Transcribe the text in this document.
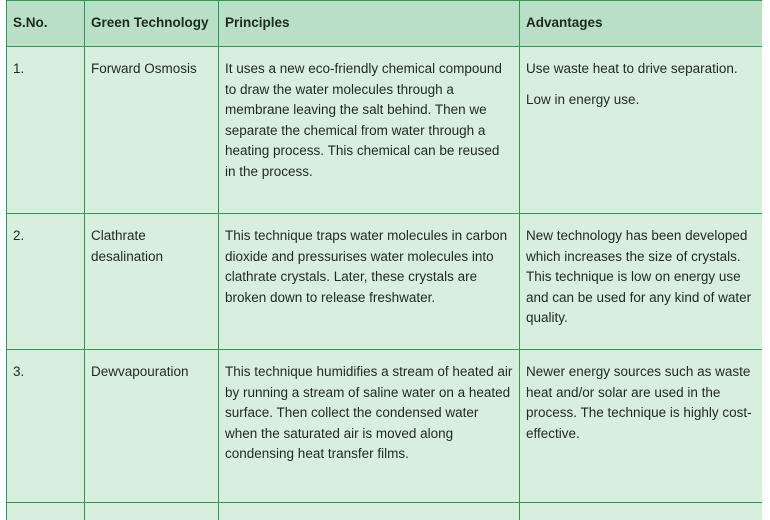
S.No.	Green Technology	Principles	Advantages
1.	Forward Osmosis	It uses a new eco-friendly chemical compound to draw the water molecules through a membrane leaving the salt behind. Then we separate the chemical from water through a heating process. This chemical can be reused in the process.	Use waste heat to drive separation.
Low in energy use.

2.	Clathrate desalination	This technique traps water molecules in carbon dioxide and pressurises water molecules into clathrate crystals. Later, these crystals are broken down to release freshwater.	New technology has been developed which increases the size of crystals. This technique is low on energy use and can be used for any kind of water quality.

3.	Dewvapouration	This technique humidifies a stream of heated air by running a stream of saline water on a heated surface. Then collect the condensed water when the saturated air is moved along condensing heat transfer films.	Newer energy sources such as waste heat and/or solar are used in the process. The technique is highly cost-effective.
